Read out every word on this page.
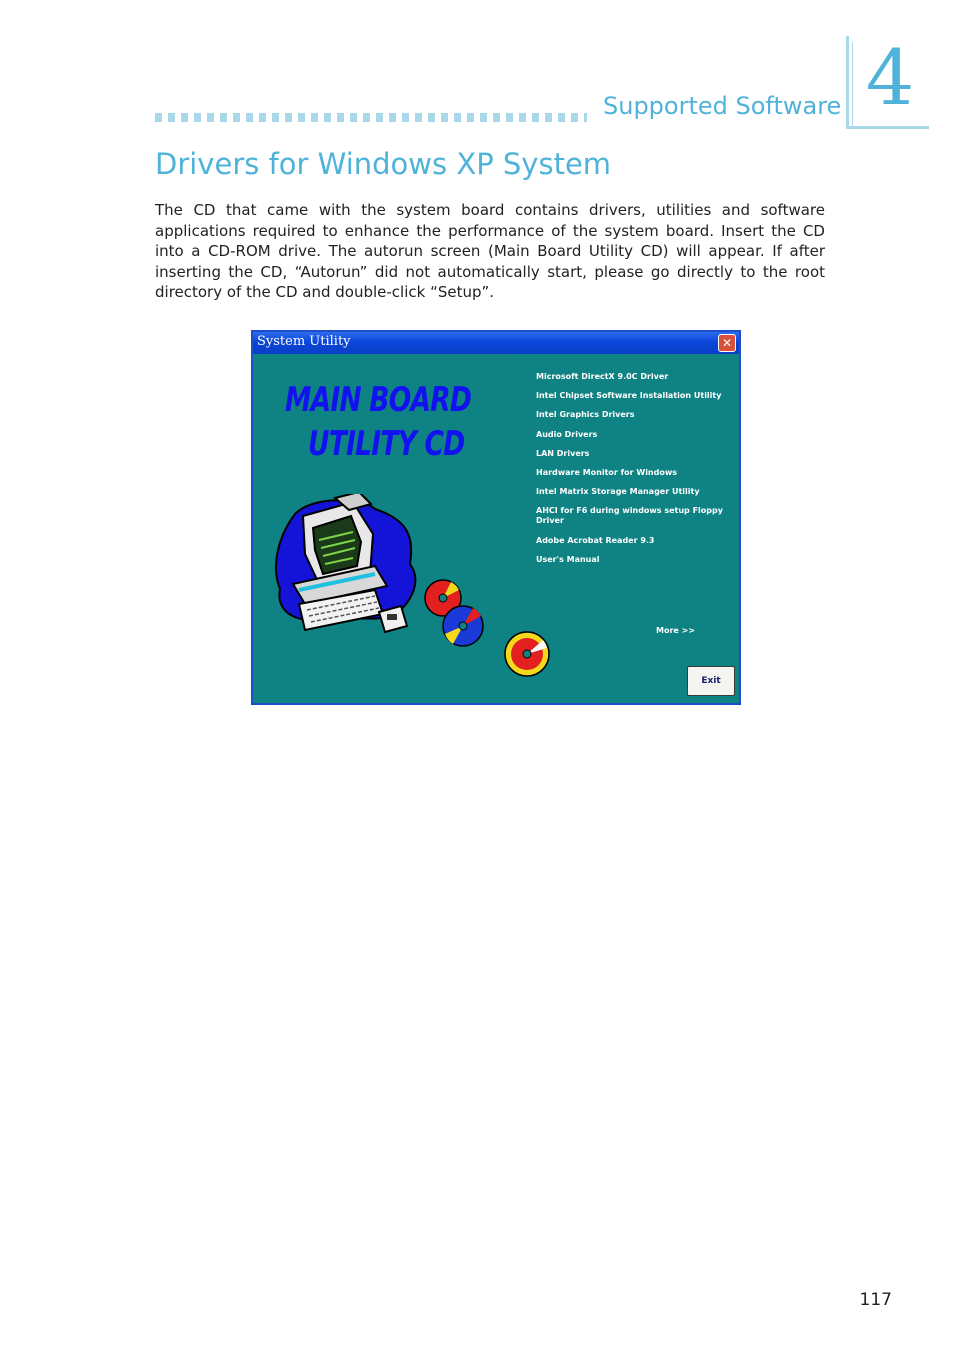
Supported Software 4
Drivers for Windows XP System

The CD that came with the system board contains drivers, utilities and software applications required to enhance the performance of the system board. Insert the CD into a CD-ROM drive. The autorun screen (Main Board Utility CD) will appear. If after inserting the CD, “Autorun” did not automatically start, please go directly to the root directory of the CD and double-click “Setup”.

System Utility	✕
MAIN BOARD
UTILITY CD
Microsoft DirectX 9.0C Driver
Intel Chipset Software Installation Utility
Intel Graphics Drivers
Audio Drivers
LAN Drivers
Hardware Monitor for Windows
Intel Matrix Storage Manager Utility
AHCI for F6 during windows setup Floppy Driver
Adobe Acrobat Reader 9.3
User's Manual
More >>
Exit
117
